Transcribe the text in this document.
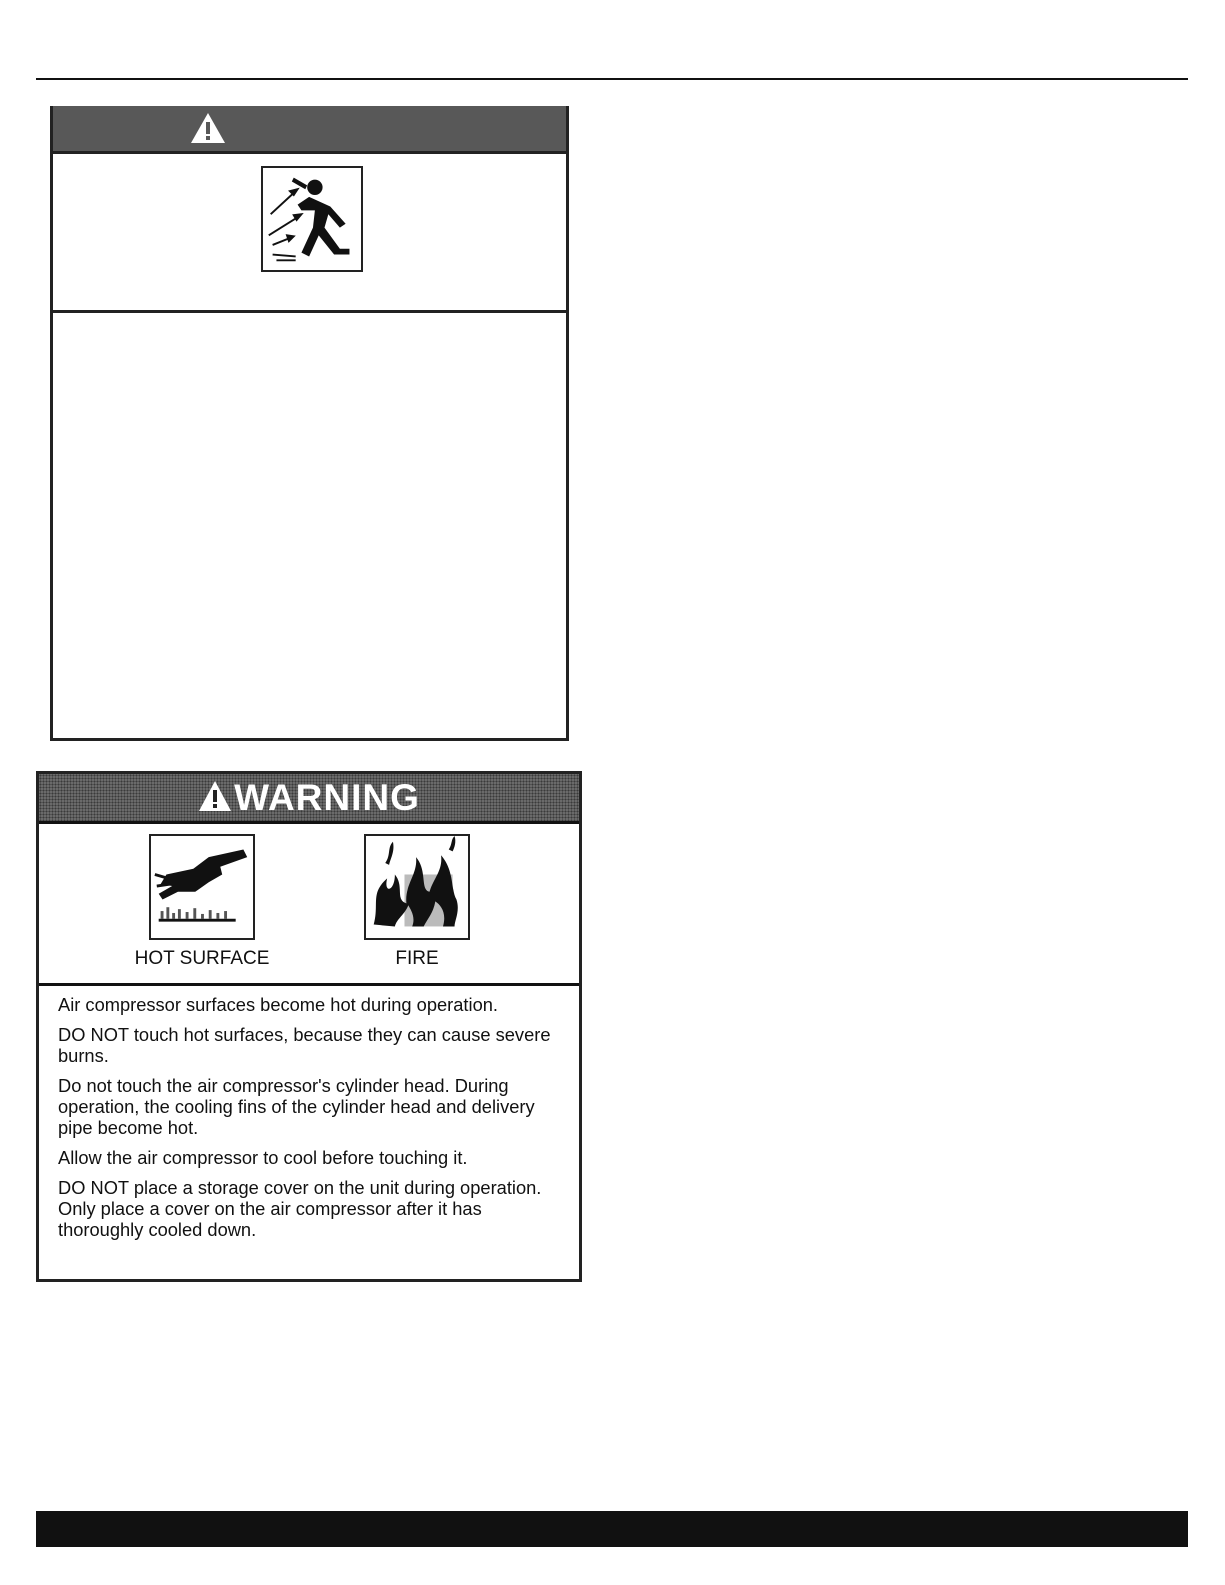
WARNING
HOT SURFACE	FIRE

Air compressor surfaces become hot during operation.

DO NOT touch hot surfaces, because they can cause severe burns.

Do not touch the air compressor's cylinder head. During operation, the cooling fins of the cylinder head and delivery pipe become hot.

Allow the air compressor to cool before touching it.

DO NOT place a storage cover on the unit during operation. Only place a cover on the air compressor after it has thoroughly cooled down.
